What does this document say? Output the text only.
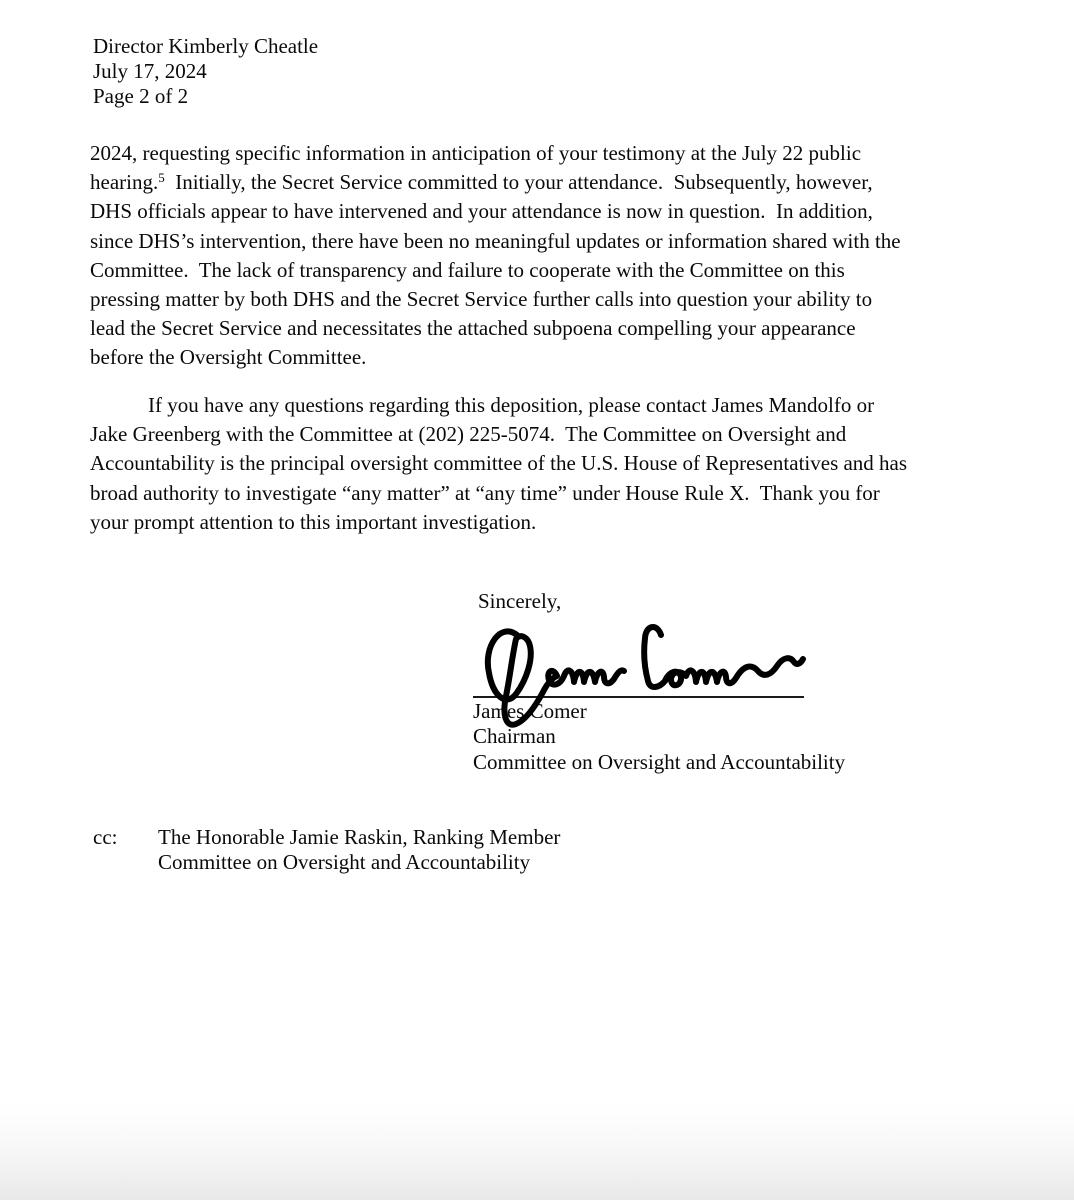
Director Kimberly Cheatle
July 17, 2024
Page 2 of 2
2024, requesting specific information in anticipation of your testimony at the July 22 public
hearing.$^5$  Initially, the Secret Service committed to your attendance.  Subsequently, however,
DHS officials appear to have intervened and your attendance is now in question.  In addition,
since DHS’s intervention, there have been no meaningful updates or information shared with the
Committee.  The lack of transparency and failure to cooperate with the Committee on this
pressing matter by both DHS and the Secret Service further calls into question your ability to
lead the Secret Service and necessitates the attached subpoena compelling your appearance
before the Oversight Committee.
If you have any questions regarding this deposition, please contact James Mandolfo or
Jake Greenberg with the Committee at (202) 225-5074.  The Committee on Oversight and
Accountability is the principal oversight committee of the U.S. House of Representatives and has
broad authority to investigate “any matter” at “any time” under House Rule X.  Thank you for
your prompt attention to this important investigation.
Sincerely,
James Comer
Chairman
Committee on Oversight and Accountability
cc:	The Honorable Jamie Raskin, Ranking Member
Committee on Oversight and Accountability
